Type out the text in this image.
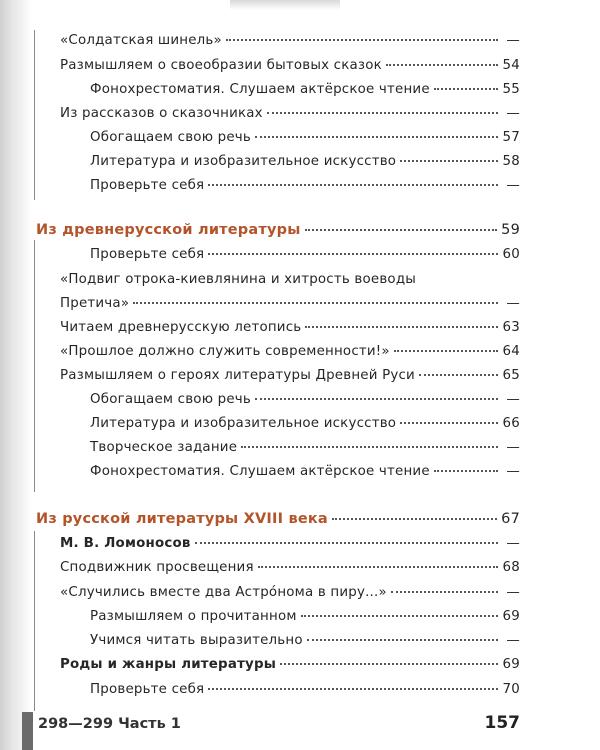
«Солдатская шинель»	—
Размышляем о своеобразии бытовых сказок	54
Фонохрестоматия. Слушаем актёрское чтение	55
Из рассказов о сказочниках	—
Обогащаем свою речь	57
Литература и изобразительное искусство	58
Проверьте себя	—
Из древнерусской литературы	59
Проверьте себя	60
«Подвиг отрока-киевлянина и хитрость воеводы
Претича»	—
Читаем древнерусскую летопись	63
«Прошлое должно служить современности!»	64
Размышляем о героях литературы Древней Руси	65
Обогащаем свою речь	—
Литература и изобразительное искусство	66
Творческое задание	—
Фонохрестоматия. Слушаем актёрское чтение	—
Из русской литературы XVIII века	67
М. В. Ломоносов	—
Сподвижник просвещения	68
«Случились вместе два Астро́нома в пиру...»	—
Размышляем о прочитанном	69
Учимся читать выразительно	—
Роды и жанры литературы	69
Проверьте себя	70
298—299 Часть 1	157
